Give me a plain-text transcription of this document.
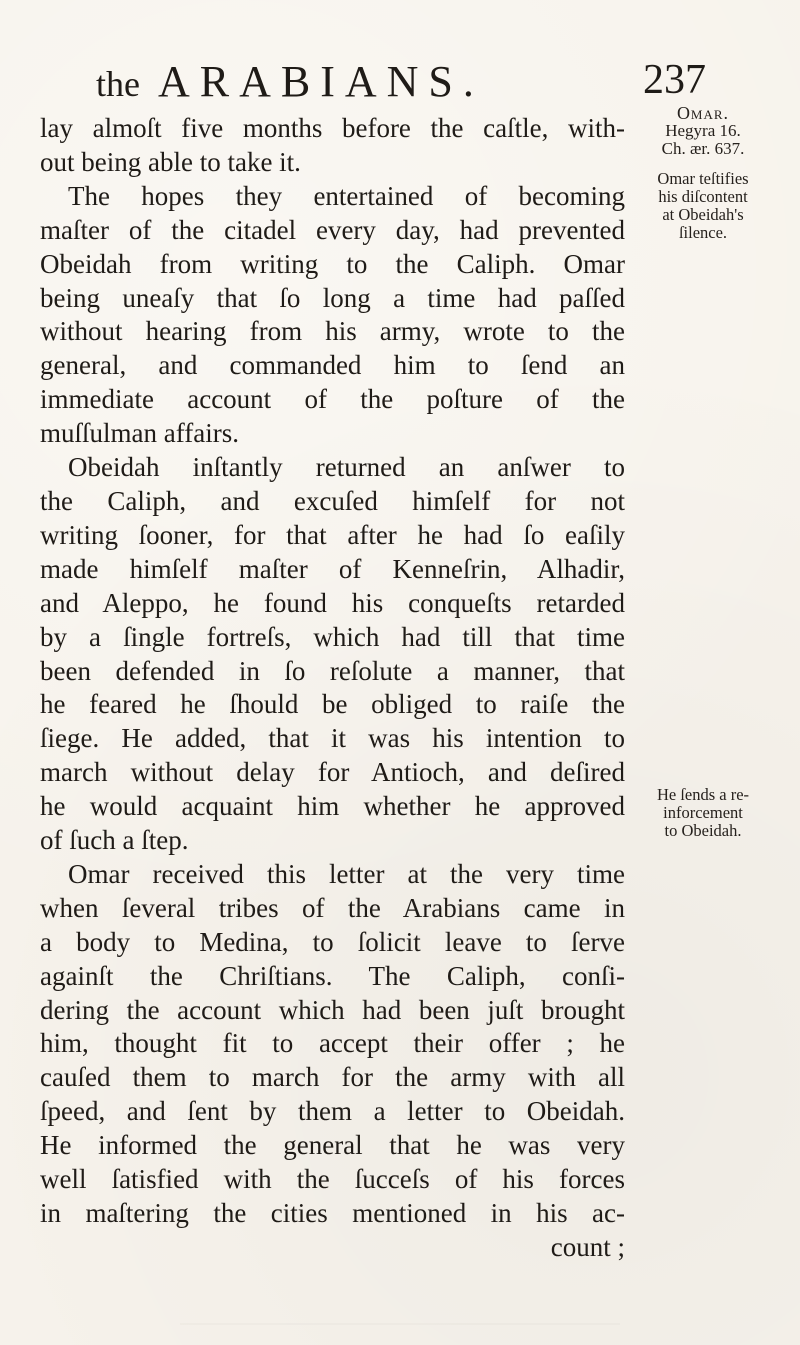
the ARABIANS.	237
lay almoſt five months before the caſtle, with-
out being able to take it.
The hopes they entertained of becoming
maſter of the citadel every day, had prevented
Obeidah from writing to the Caliph. Omar
being uneaſy that ſo long a time had paſſed
without hearing from his army, wrote to the
general, and commanded him to ſend an
immediate account of the poſture of the
muſſulman affairs.
Obeidah inſtantly returned an anſwer to
the Caliph, and excuſed himſelf for not
writing ſooner, for that after he had ſo eaſily
made himſelf maſter of Kenneſrin, Alhadir,
and Aleppo, he found his conqueſts retarded
by a ſingle fortreſs, which had till that time
been defended in ſo reſolute a manner, that
he feared he ſhould be obliged to raiſe the
ſiege. He added, that it was his intention to
march without delay for Antioch, and deſired
he would acquaint him whether he approved
of ſuch a ſtep.
Omar received this letter at the very time
when ſeveral tribes of the Arabians came in
a body to Medina, to ſolicit leave to ſerve
againſt the Chriſtians. The Caliph, conſi-
dering the account which had been juſt brought
him, thought fit to accept their offer ; he
cauſed them to march for the army with all
ſpeed, and ſent by them a letter to Obeidah.
He informed the general that he was very
well ſatisfied with the ſucceſs of his forces
in maſtering the cities mentioned in his ac-
count ;
Omar.
Hegyra 16.
Ch. ær. 637.
Omar teſtifies
his diſcontent
at Obeidah's
ſilence.
He ſends a re-
inforcement
to Obeidah.
